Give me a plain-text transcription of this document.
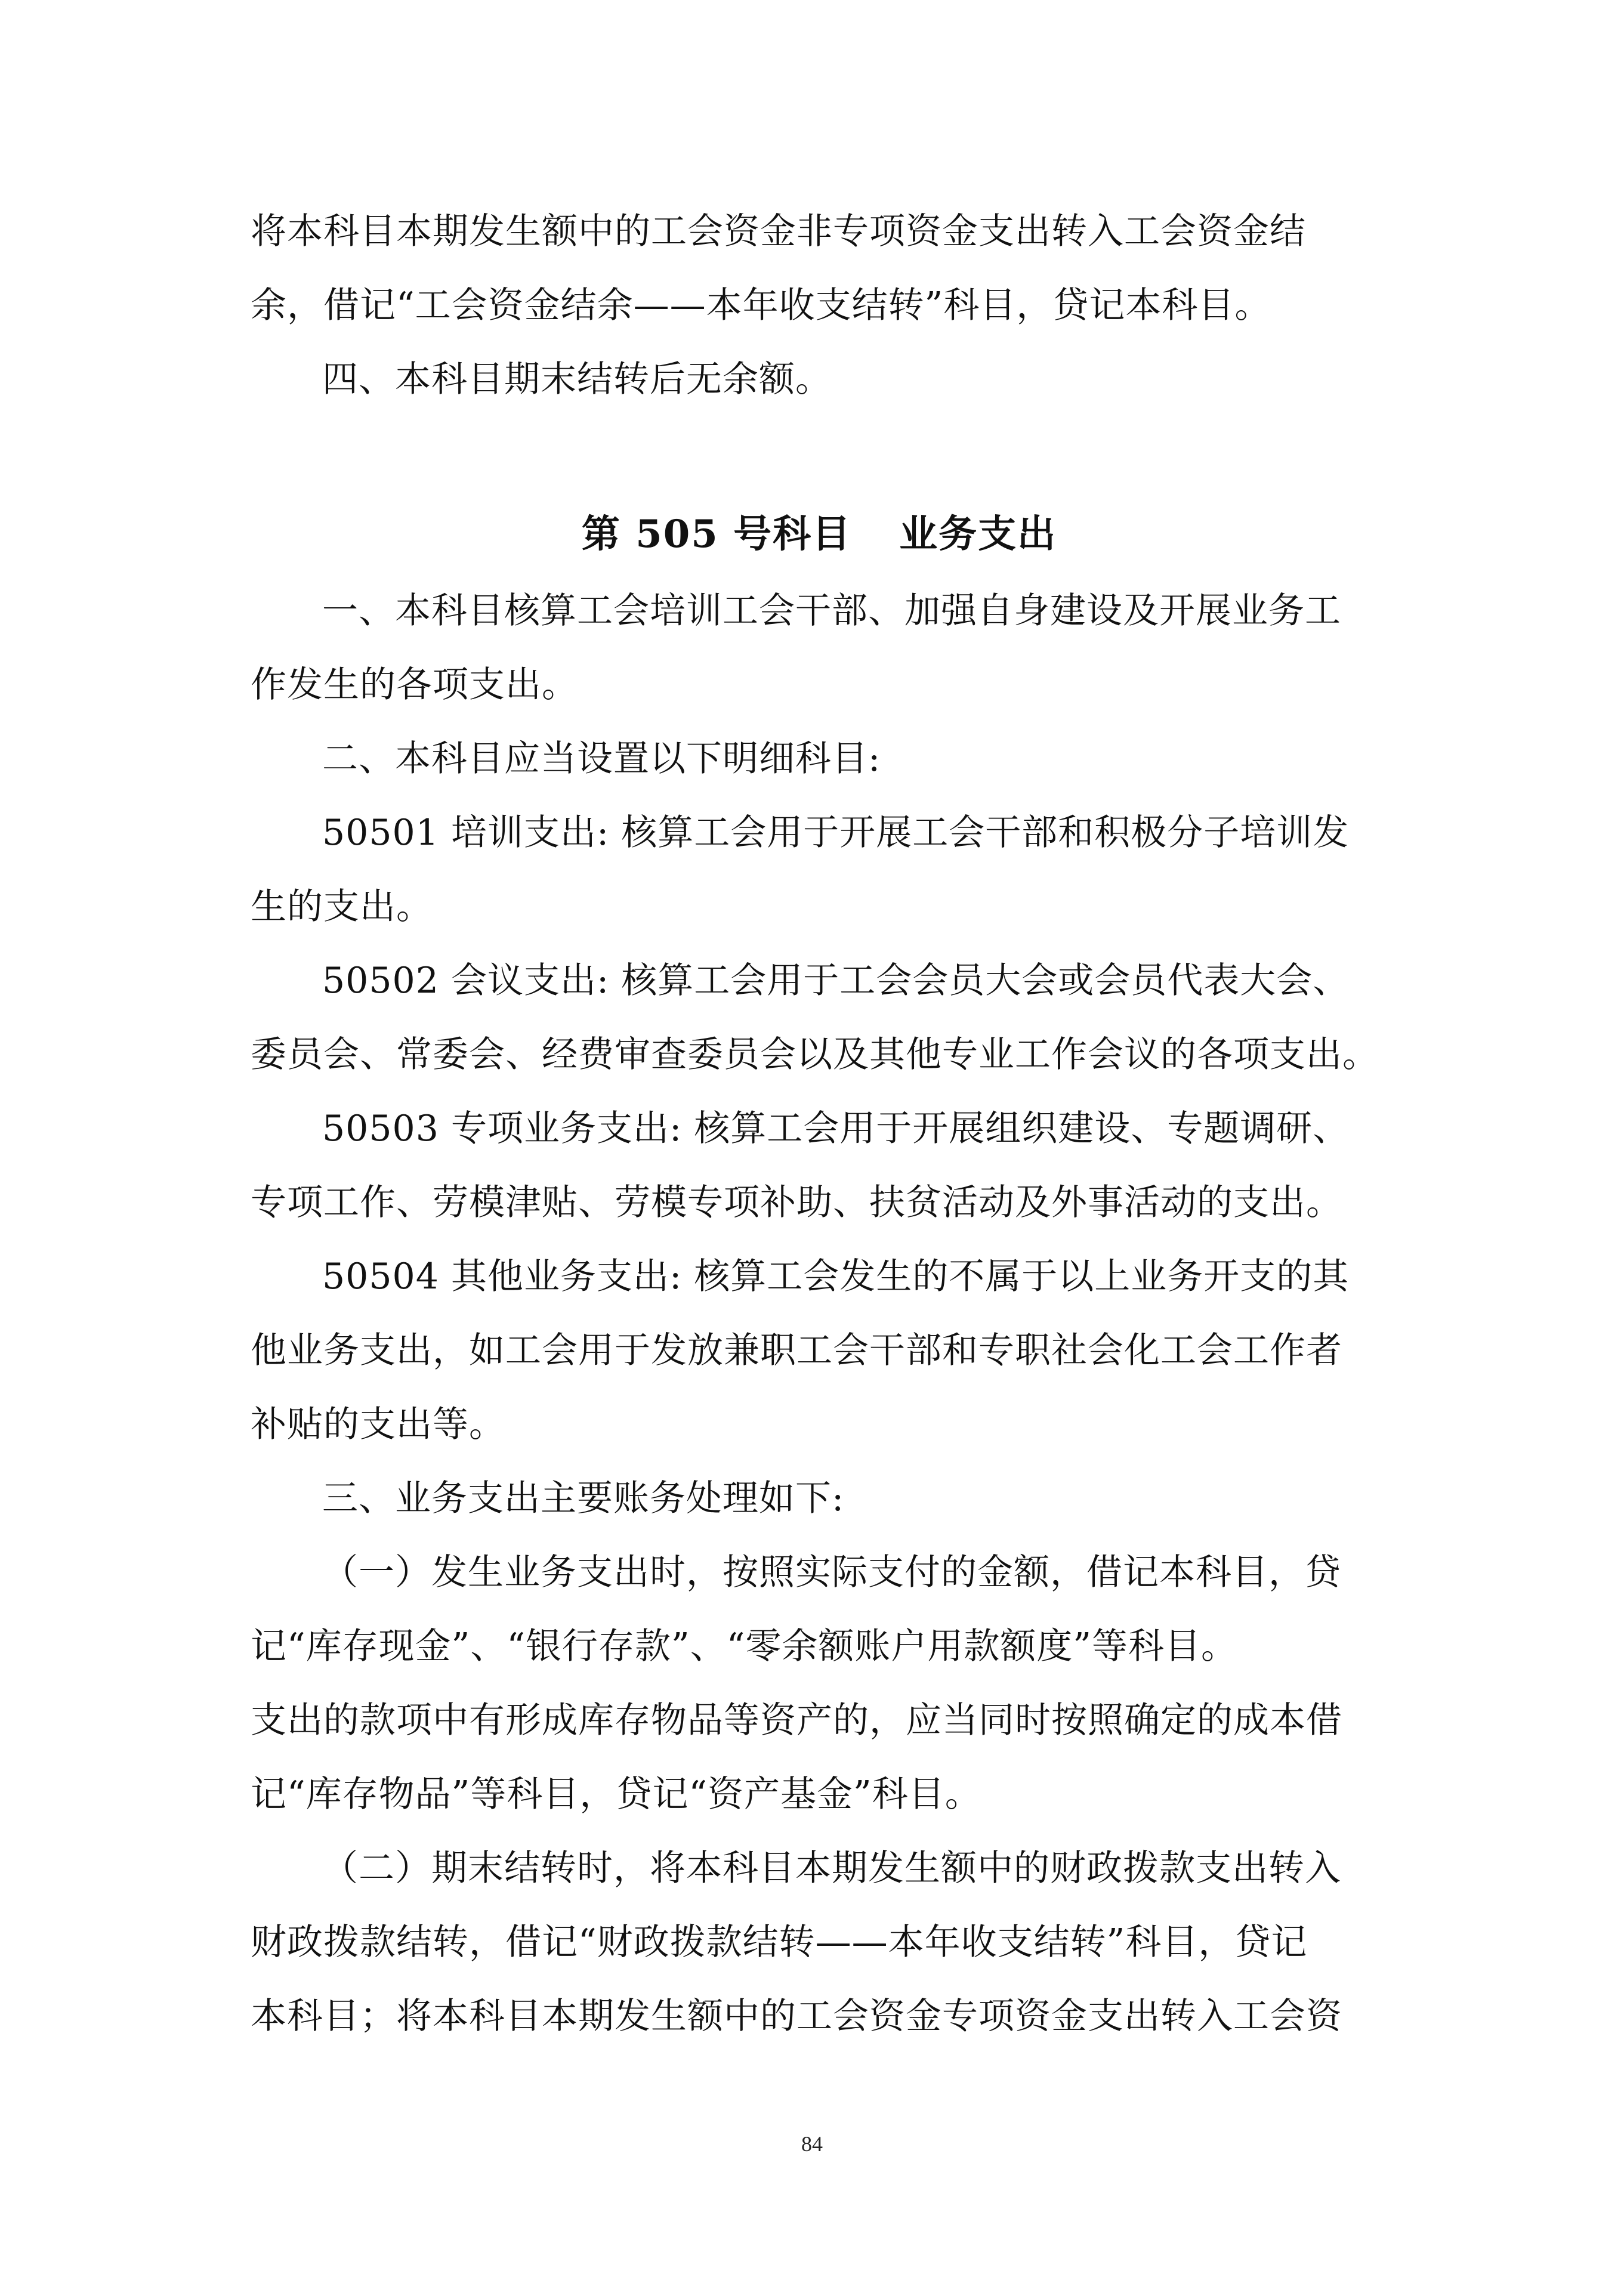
将本科目本期发生额中的工会资金非专项资金支出转入工会资金结

余，借记“工会资金结余——本年收支结转”科目，贷记本科目。

四、本科目期末结转后无余额。

第 505 号科目 业务支出

一、本科目核算工会培训工会干部、加强自身建设及开展业务工

作发生的各项支出。

二、本科目应当设置以下明细科目:

50501 培训支出: 核算工会用于开展工会干部和积极分子培训发

生的支出。

50502 会议支出: 核算工会用于工会会员大会或会员代表大会、

委员会、常委会、经费审查委员会以及其他专业工作会议的各项支出。

50503 专项业务支出: 核算工会用于开展组织建设、专题调研、

专项工作、劳模津贴、劳模专项补助、扶贫活动及外事活动的支出。

50504 其他业务支出: 核算工会发生的不属于以上业务开支的其

他业务支出，如工会用于发放兼职工会干部和专职社会化工会工作者

补贴的支出等。

三、业务支出主要账务处理如下:

（一）发生业务支出时，按照实际支付的金额，借记本科目，贷

记“库存现金”、“银行存款”、“零余额账户用款额度”等科目。

支出的款项中有形成库存物品等资产的，应当同时按照确定的成本借

记“库存物品”等科目，贷记“资产基金”科目。

（二）期末结转时，将本科目本期发生额中的财政拨款支出转入

财政拨款结转，借记“财政拨款结转——本年收支结转”科目，贷记

本科目；将本科目本期发生额中的工会资金专项资金支出转入工会资

84
